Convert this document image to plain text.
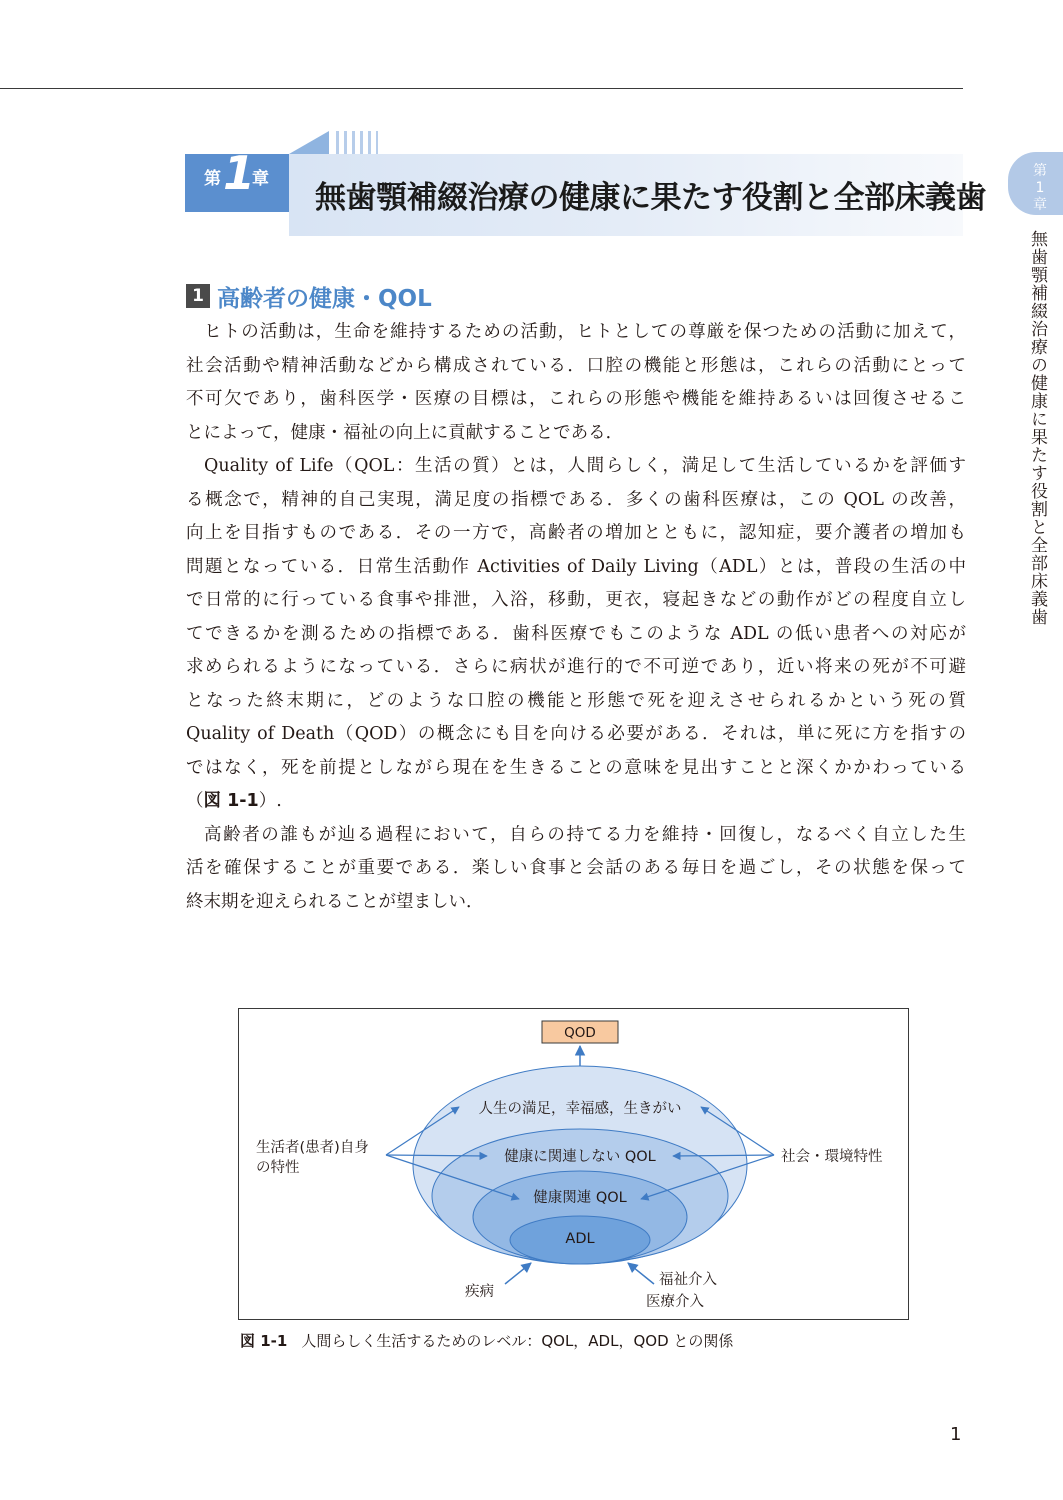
第 1
章
無歯顎補綴治療の健康に果たす役割と全部床義歯
第
1
章
無歯顎補綴治療の健康に果たす役割と全部床義歯
1 高齢者の健康・QOL
ヒトの活動は，生命を維持するための活動，ヒトとしての尊厳を保つための活動に加えて，
社会活動や精神活動などから構成されている．口腔の機能と形態は，これらの活動にとって
不可欠であり，歯科医学・医療の目標は，これらの形態や機能を維持あるいは回復させるこ
とによって，健康・福祉の向上に貢献することである．
Quality of Life（QOL：生活の質）とは，人間らしく，満足して生活しているかを評価す
る概念で，精神的自己実現，満足度の指標である．多くの歯科医療は，この QOL の改善，
向上を目指すものである．その一方で，高齢者の増加とともに，認知症，要介護者の増加も
問題となっている．日常生活動作 Activities of Daily Living（ADL）とは，普段の生活の中
で日常的に行っている食事や排泄，入浴，移動，更衣，寝起きなどの動作がどの程度自立し
てできるかを測るための指標である．歯科医療でもこのような ADL の低い患者への対応が
求められるようになっている．さらに病状が進行的で不可逆であり，近い将来の死が不可避
となった終末期に，どのような口腔の機能と形態で死を迎えさせられるかという死の質
Quality of Death（QOD）の概念にも目を向ける必要がある．それは，単に死に方を指すの
ではなく，死を前提としながら現在を生きることの意味を見出すことと深くかかわっている
（図 1-1）.
高齢者の誰もが辿る過程において，自らの持てる力を維持・回復し，なるべく自立した生
活を確保することが重要である．楽しい食事と会話のある毎日を過ごし，その状態を保って
終末期を迎えられることが望ましい．
QOD
人生の満足，幸福感，生きがい
健康に関連しない QOL
健康関連 QOL
ADL
生活者(患者)自身
の特性
社会・環境特性
疾病
福祉介入
医療介入
図 1-1 人間らしく生活するためのレベル：QOL，ADL，QOD との関係
1
